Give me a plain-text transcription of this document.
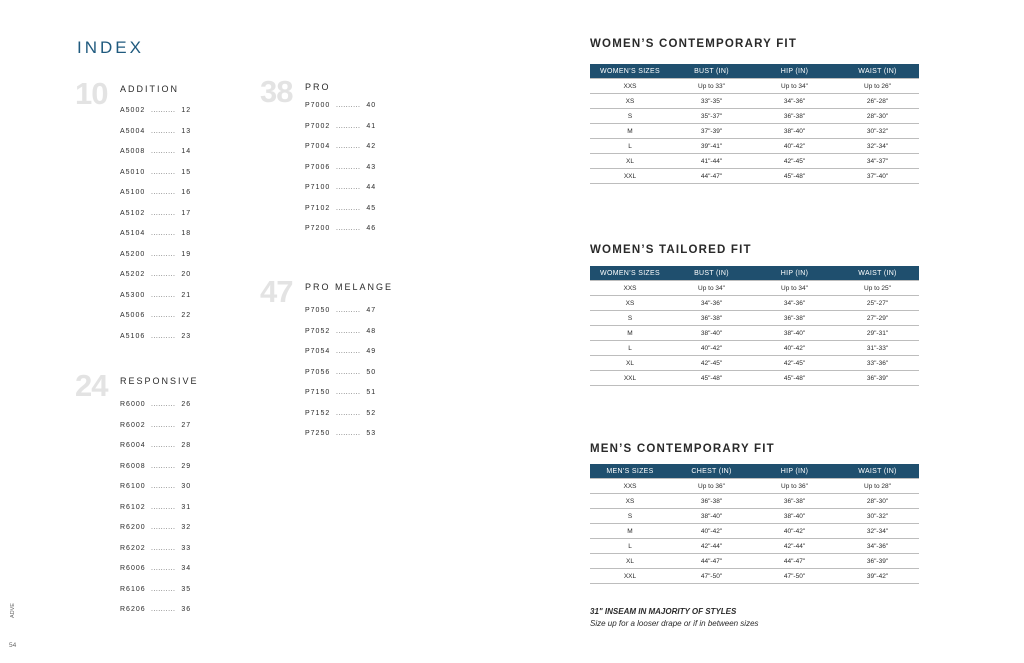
INDEX
10 ADDITION
A5002 .......... 12
A5004 .......... 13
A5008 .......... 14
A5010 .......... 15
A5100 .......... 16
A5102 .......... 17
A5104 .......... 18
A5200 .......... 19
A5202 .......... 20
A5300 .......... 21
A5006 .......... 22
A5106 .......... 23
24 RESPONSIVE
R6000 .......... 26
R6002 .......... 27
R6004 .......... 28
R6008 .......... 29
R6100 .......... 30
R6102 .......... 31
R6200 .......... 32
R6202 .......... 33
R6006 .......... 34
R6106 .......... 35
R6206 .......... 36
38 PRO
P7000 .......... 40
P7002 .......... 41
P7004 .......... 42
P7006 .......... 43
P7100 .......... 44
P7102 .......... 45
P7200 .......... 46
47 PRO MELANGE
P7050 .......... 47
P7052 .......... 48
P7054 .......... 49
P7056 .......... 50
P7150 .......... 51
P7152 .......... 52
P7250 .......... 53
WOMEN’S CONTEMPORARY FIT
WOMEN’S SIZES	BUST (IN)	HIP (IN)	WAIST (IN)
XXS	Up to 33"	Up to 34"	Up to 26"
XS	33"-35"	34"-36"	26"-28"
S	35"-37"	36"-38"	28"-30"
M	37"-39"	38"-40"	30"-32"
L	39"-41"	40"-42"	32"-34"
XL	41"-44"	42"-45"	34"-37"
XXL	44"-47"	45"-48"	37"-40"
WOMEN’S TAILORED FIT
WOMEN’S SIZES	BUST (IN)	HIP (IN)	WAIST (IN)
XXS	Up to 34"	Up to 34"	Up to 25"
XS	34"-36"	34"-36"	25"-27"
S	36"-38"	36"-38"	27"-29"
M	38"-40"	38"-40"	29"-31"
L	40"-42"	40"-42"	31"-33"
XL	42"-45"	42"-45"	33"-36"
XXL	45"-48"	45"-48"	36"-39"
MEN’S CONTEMPORARY FIT
MEN’S SIZES	CHEST (IN)	HIP (IN)	WAIST (IN)
XXS	Up to 36"	Up to 36"	Up to 28"
XS	36"-38"	36"-38"	28"-30"
S	38"-40"	38"-40"	30"-32"
M	40"-42"	40"-42"	32"-34"
L	42"-44"	42"-44"	34"-36"
XL	44"-47"	44"-47"	36"-39"
XXL	47"-50"	47"-50"	39"-42"

31" INSEAM IN MAJORITY OF STYLES

Size up for a looser drape or if in between sizes

ADVE
54
